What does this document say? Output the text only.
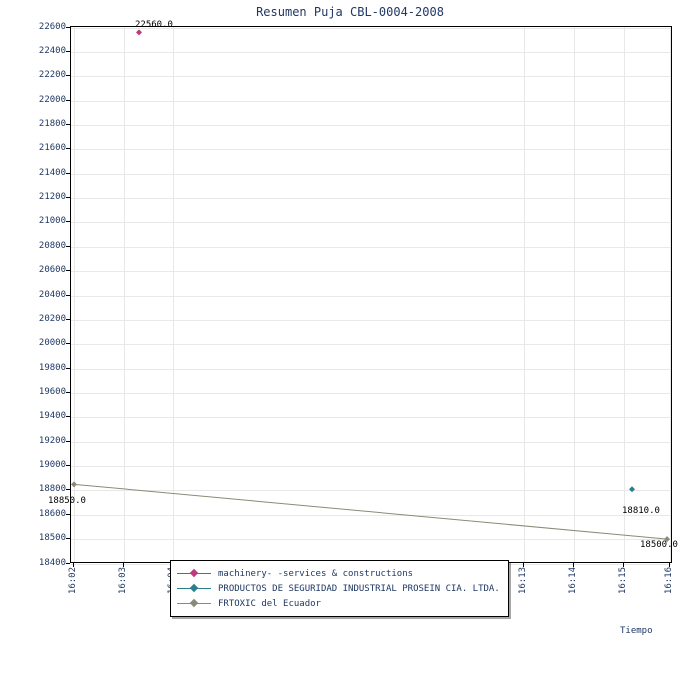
Resumen Puja CBL-0004-2008
Tiempo
18400
18500
18600
18800
19000
19200
19400
19600
19800
20000
20200
20400
20600
20800
21000
21200
21400
21600
21800
22000
22200
22400
22600
16:02	16:03	16:13	16:14	16:15	16:16
22560.0
18850.0
18810.0
18500.0
machinery- -services & constructions
PRODUCTOS DE SEGURIDAD INDUSTRIAL PROSEIN CIA. LTDA.
FRTOXIC del Ecuador
